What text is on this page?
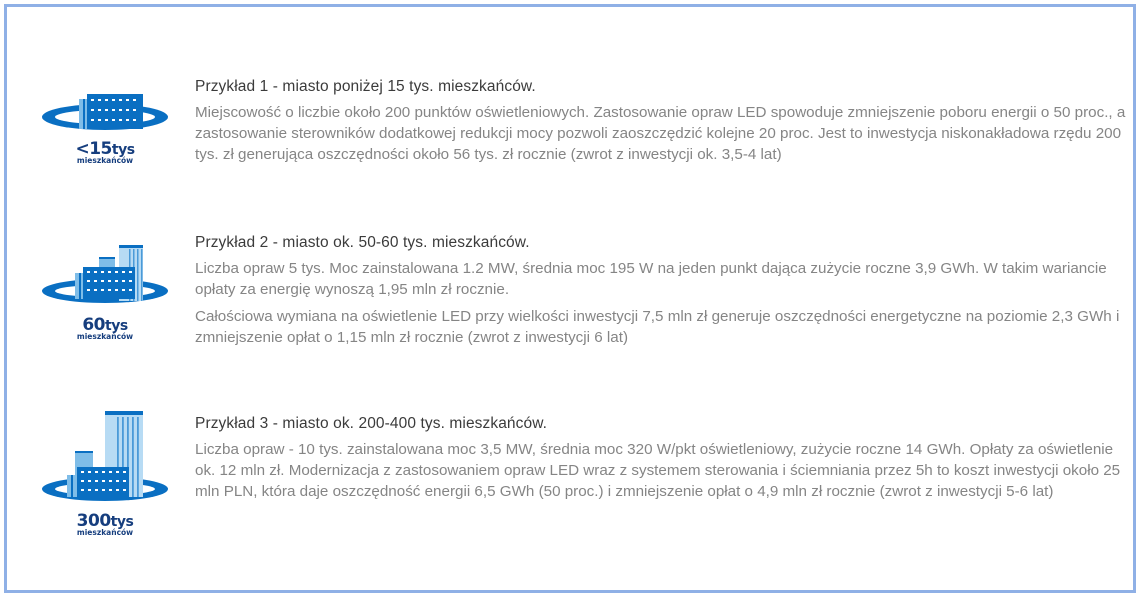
<15tys
mieszkańców
Przykład 1 - miasto poniżej 15 tys. mieszkańców.

Miejscowość o liczbie około 200 punktów oświetleniowych. Zastosowanie opraw LED spowoduje zmniejszenie poboru energii o 50 proc., a zastosowanie sterowników dodatkowej redukcji mocy pozwoli zaoszczędzić kolejne 20 proc. Jest to inwestycja niskonakładowa rzędu 200 tys. zł generująca oszczędności około 56 tys. zł rocznie (zwrot z inwestycji ok. 3,5-4 lat)

60tys
mieszkańców
Przykład 2 - miasto ok. 50-60 tys. mieszkańców.

Liczba opraw 5 tys. Moc zainstalowana 1.2 MW, średnia moc 195 W na jeden punkt dająca zużycie roczne 3,9 GWh. W takim wariancie opłaty za energię wynoszą 1,95 mln zł rocznie.

Całościowa wymiana na oświetlenie LED przy wielkości inwestycji 7,5 mln zł generuje oszczędności energetyczne na poziomie 2,3 GWh i zmniejszenie opłat o 1,15 mln zł rocznie (zwrot z inwestycji 6 lat)

300tys
mieszkańców
Przykład 3 - miasto ok. 200-400 tys. mieszkańców.

Liczba opraw - 10 tys. zainstalowana moc 3,5 MW, średnia moc 320 W/pkt oświetleniowy, zużycie roczne 14 GWh. Opłaty za oświetlenie ok. 12 mln zł. Modernizacja z zastosowaniem opraw LED wraz z systemem sterowania i ściemniania przez 5h to koszt inwestycji około 25 mln PLN, która daje oszczędność energii 6,5 GWh (50 proc.) i zmniejszenie opłat o 4,9 mln zł rocznie (zwrot z inwestycji 5-6 lat)
